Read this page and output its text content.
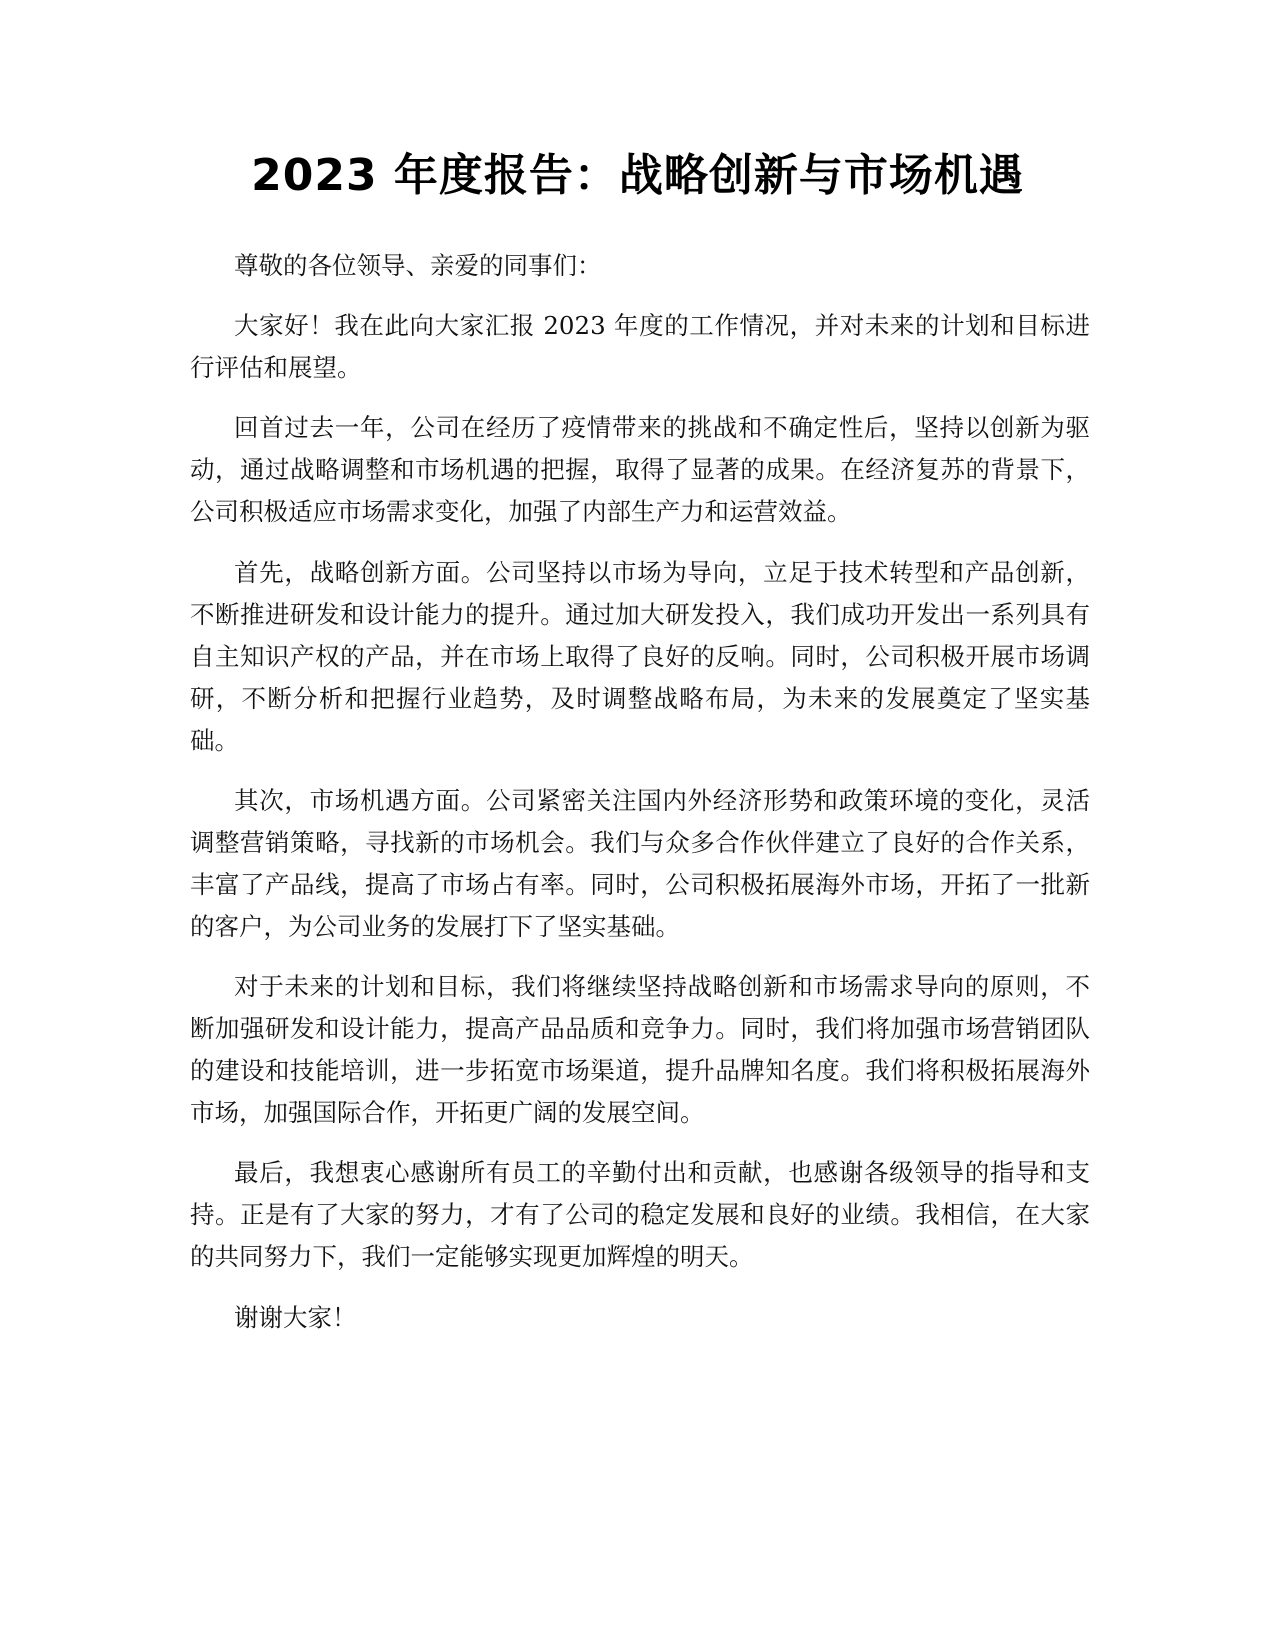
2023 年度报告：战略创新与市场机遇

尊敬的各位领导、亲爱的同事们：

大家好！我在此向大家汇报 2023 年度的工作情况，并对未来的计划和目标进行评估和展望。

回首过去一年，公司在经历了疫情带来的挑战和不确定性后，坚持以创新为驱动，通过战略调整和市场机遇的把握，取得了显著的成果。在经济复苏的背景下，公司积极适应市场需求变化，加强了内部生产力和运营效益。

首先，战略创新方面。公司坚持以市场为导向，立足于技术转型和产品创新，不断推进研发和设计能力的提升。通过加大研发投入，我们成功开发出一系列具有自主知识产权的产品，并在市场上取得了良好的反响。同时，公司积极开展市场调研，不断分析和把握行业趋势，及时调整战略布局，为未来的发展奠定了坚实基础。

其次，市场机遇方面。公司紧密关注国内外经济形势和政策环境的变化，灵活调整营销策略，寻找新的市场机会。我们与众多合作伙伴建立了良好的合作关系，丰富了产品线，提高了市场占有率。同时，公司积极拓展海外市场，开拓了一批新的客户，为公司业务的发展打下了坚实基础。

对于未来的计划和目标，我们将继续坚持战略创新和市场需求导向的原则，不断加强研发和设计能力，提高产品品质和竞争力。同时，我们将加强市场营销团队的建设和技能培训，进一步拓宽市场渠道，提升品牌知名度。我们将积极拓展海外市场，加强国际合作，开拓更广阔的发展空间。

最后，我想衷心感谢所有员工的辛勤付出和贡献，也感谢各级领导的指导和支持。正是有了大家的努力，才有了公司的稳定发展和良好的业绩。我相信，在大家的共同努力下，我们一定能够实现更加辉煌的明天。

谢谢大家！
